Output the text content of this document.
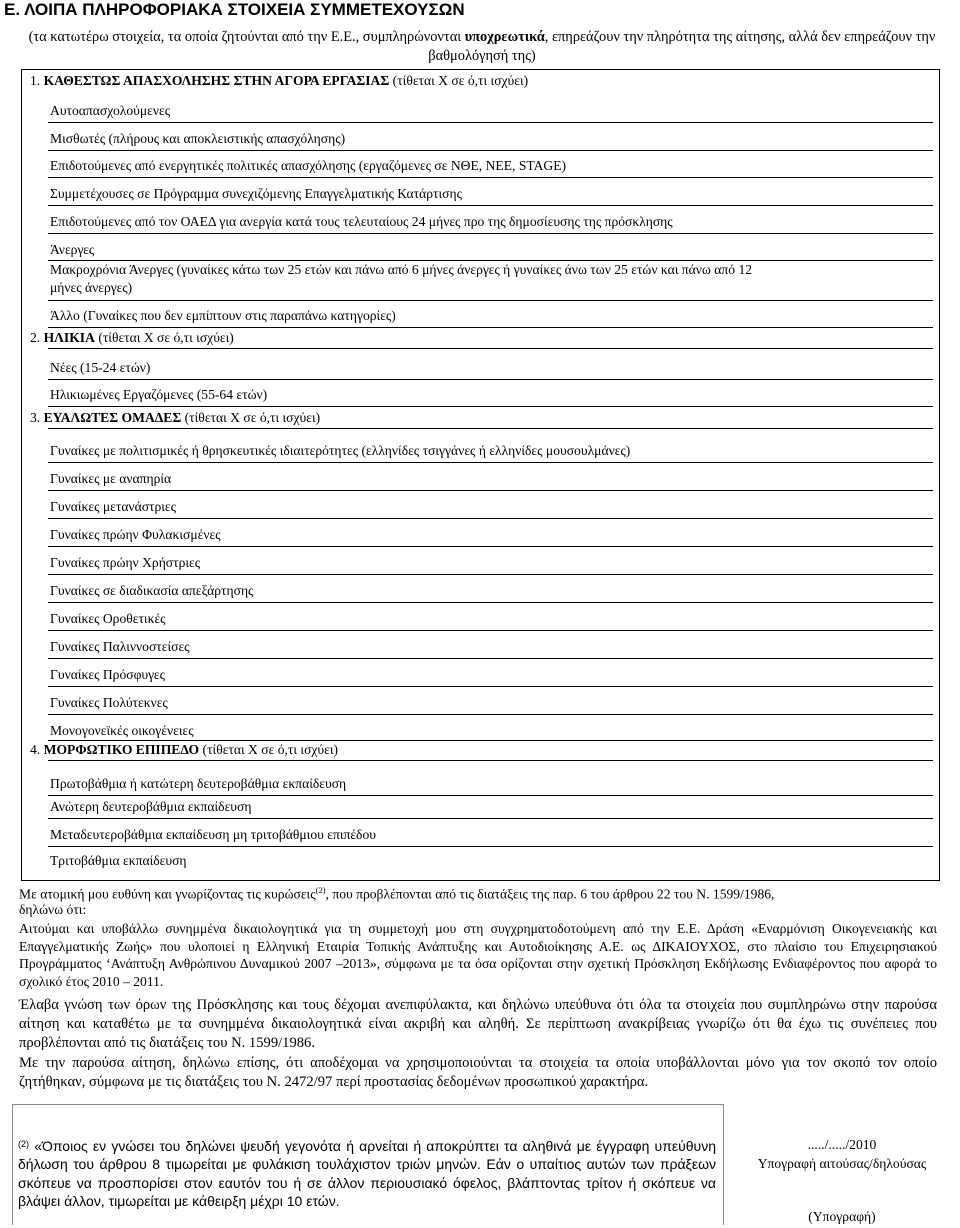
Ε. ΛΟΙΠΑ ΠΛΗΡΟΦΟΡΙΑΚΑ ΣΤΟΙΧΕΙΑ ΣΥΜΜΕΤΕΧΟΥΣΩΝ
(τα κατωτέρω στοιχεία, τα οποία ζητούνται από την Ε.Ε., συμπληρώνονται υποχρεωτικά, επηρεάζουν την πληρότητα της αίτησης, αλλά δεν επηρεάζουν την βαθμολόγησή της)
1. ΚΑΘΕΣΤΩΣ ΑΠΑΣΧΟΛΗΣΗΣ ΣΤΗΝ ΑΓΟΡΑ ΕΡΓΑΣΙΑΣ (τίθεται Χ σε ό,τι ισχύει)
Αυτοαπασχολούμενες
Μισθωτές (πλήρους και αποκλειστικής απασχόλησης)
Επιδοτούμενες από ενεργητικές πολιτικές απασχόλησης (εργαζόμενες σε ΝΘΕ, ΝΕΕ, STAGE)
Συμμετέχουσες σε Πρόγραμμα συνεχιζόμενης Επαγγελματικής Κατάρτισης
Επιδοτούμενες από τον ΟΑΕΔ για ανεργία κατά τους τελευταίους 24 μήνες προ της δημοσίευσης της πρόσκλησης
Άνεργες
Μακροχρόνια Άνεργες (γυναίκες κάτω των 25 ετών και πάνω από 6 μήνες άνεργες ή γυναίκες άνω των 25 ετών και πάνω από 12
μήνες άνεργες)
Άλλο (Γυναίκες που δεν εμπίπτουν στις παραπάνω κατηγορίες)
2. ΗΛΙΚΙΑ (τίθεται Χ σε ό,τι ισχύει)
Νέες (15-24 ετών)
Ηλικιωμένες Εργαζόμενες (55-64 ετών)
3. ΕΥΑΛΩΤΕΣ ΟΜΑΔΕΣ (τίθεται Χ σε ό,τι ισχύει)
Γυναίκες με πολιτισμικές ή θρησκευτικές ιδιαιτερότητες (ελληνίδες τσιγγάνες ή ελληνίδες μουσουλμάνες)
Γυναίκες με αναπηρία
Γυναίκες μετανάστριες
Γυναίκες πρώην Φυλακισμένες
Γυναίκες πρώην Χρήστριες
Γυναίκες σε διαδικασία απεξάρτησης
Γυναίκες Οροθετικές
Γυναίκες Παλιννοστείσες
Γυναίκες Πρόσφυγες
Γυναίκες Πολύτεκνες
Μονογονεϊκές οικογένειες
4. ΜΟΡΦΩΤΙΚΟ ΕΠΙΠΕΔΟ (τίθεται Χ σε ό,τι ισχύει)
Πρωτοβάθμια ή κατώτερη δευτεροβάθμια εκπαίδευση
Ανώτερη δευτεροβάθμια εκπαίδευση
Μεταδευτεροβάθμια εκπαίδευση μη τριτοβάθμιου επιπέδου
Τριτοβάθμια εκπαίδευση
Με ατομική μου ευθύνη και γνωρίζοντας τις κυρώσεις$^{(2)}$, που προβλέπονται από τις διατάξεις της παρ. 6 του άρθρου 22 του Ν. 1599/1986,
δηλώνω ότι:
Αιτούμαι και υποβάλλω συνημμένα δικαιολογητικά για τη συμμετοχή μου στη συγχρηματοδοτούμενη από την Ε.Ε. Δράση «Εναρμόνιση Οικογενειακής και Επαγγελματικής Ζωής» που υλοποιεί η Ελληνική Εταιρία Τοπικής Ανάπτυξης και Αυτοδιοίκησης Α.Ε. ως ΔΙΚΑΙΟΥΧΟΣ, στο πλαίσιο του Επιχειρησιακού Προγράμματος ‘Ανάπτυξη Ανθρώπινου Δυναμικού 2007 –2013», σύμφωνα με τα όσα ορίζονται στην σχετική Πρόσκληση Εκδήλωσης Ενδιαφέροντος που αφορά το σχολικό έτος 2010 – 2011.
Έλαβα γνώση των όρων της Πρόσκλησης και τους δέχομαι ανεπιφύλακτα, και δηλώνω υπεύθυνα ότι όλα τα στοιχεία που συμπληρώνω στην παρούσα αίτηση και καταθέτω με τα συνημμένα δικαιολογητικά είναι ακριβή και αληθή. Σε περίπτωση ανακρίβειας γνωρίζω ότι θα έχω τις συνέπειες που προβλέπονται από τις διατάξεις του Ν. 1599/1986.
Με την παρούσα αίτηση, δηλώνω επίσης, ότι αποδέχομαι να χρησιμοποιούνται τα στοιχεία τα οποία υποβάλλονται μόνο για τον σκοπό τον οποίο ζητήθηκαν, σύμφωνα με τις διατάξεις του Ν. 2472/97 περί προστασίας δεδομένων προσωπικού χαρακτήρα.
$^{(2)}$ «Όποιος εν γνώσει του δηλώνει ψευδή γεγονότα ή αρνείται ή αποκρύπτει τα αληθινά με έγγραφη υπεύθυνη δήλωση του άρθρου 8 τιμωρείται με φυλάκιση τουλάχιστον τριών μηνών. Εάν ο υπαίτιος αυτών των πράξεων σκόπευε να προσπορίσει στον εαυτόν του ή σε άλλον περιουσιακό όφελος, βλάπτοντας τρίτον ή σκόπευε να βλάψει άλλον, τιμωρείται με κάθειρξη μέχρι 10 ετών.
...../...../2010
Υπογραφή αιτούσας/δηλούσας
(Υπογραφή)
